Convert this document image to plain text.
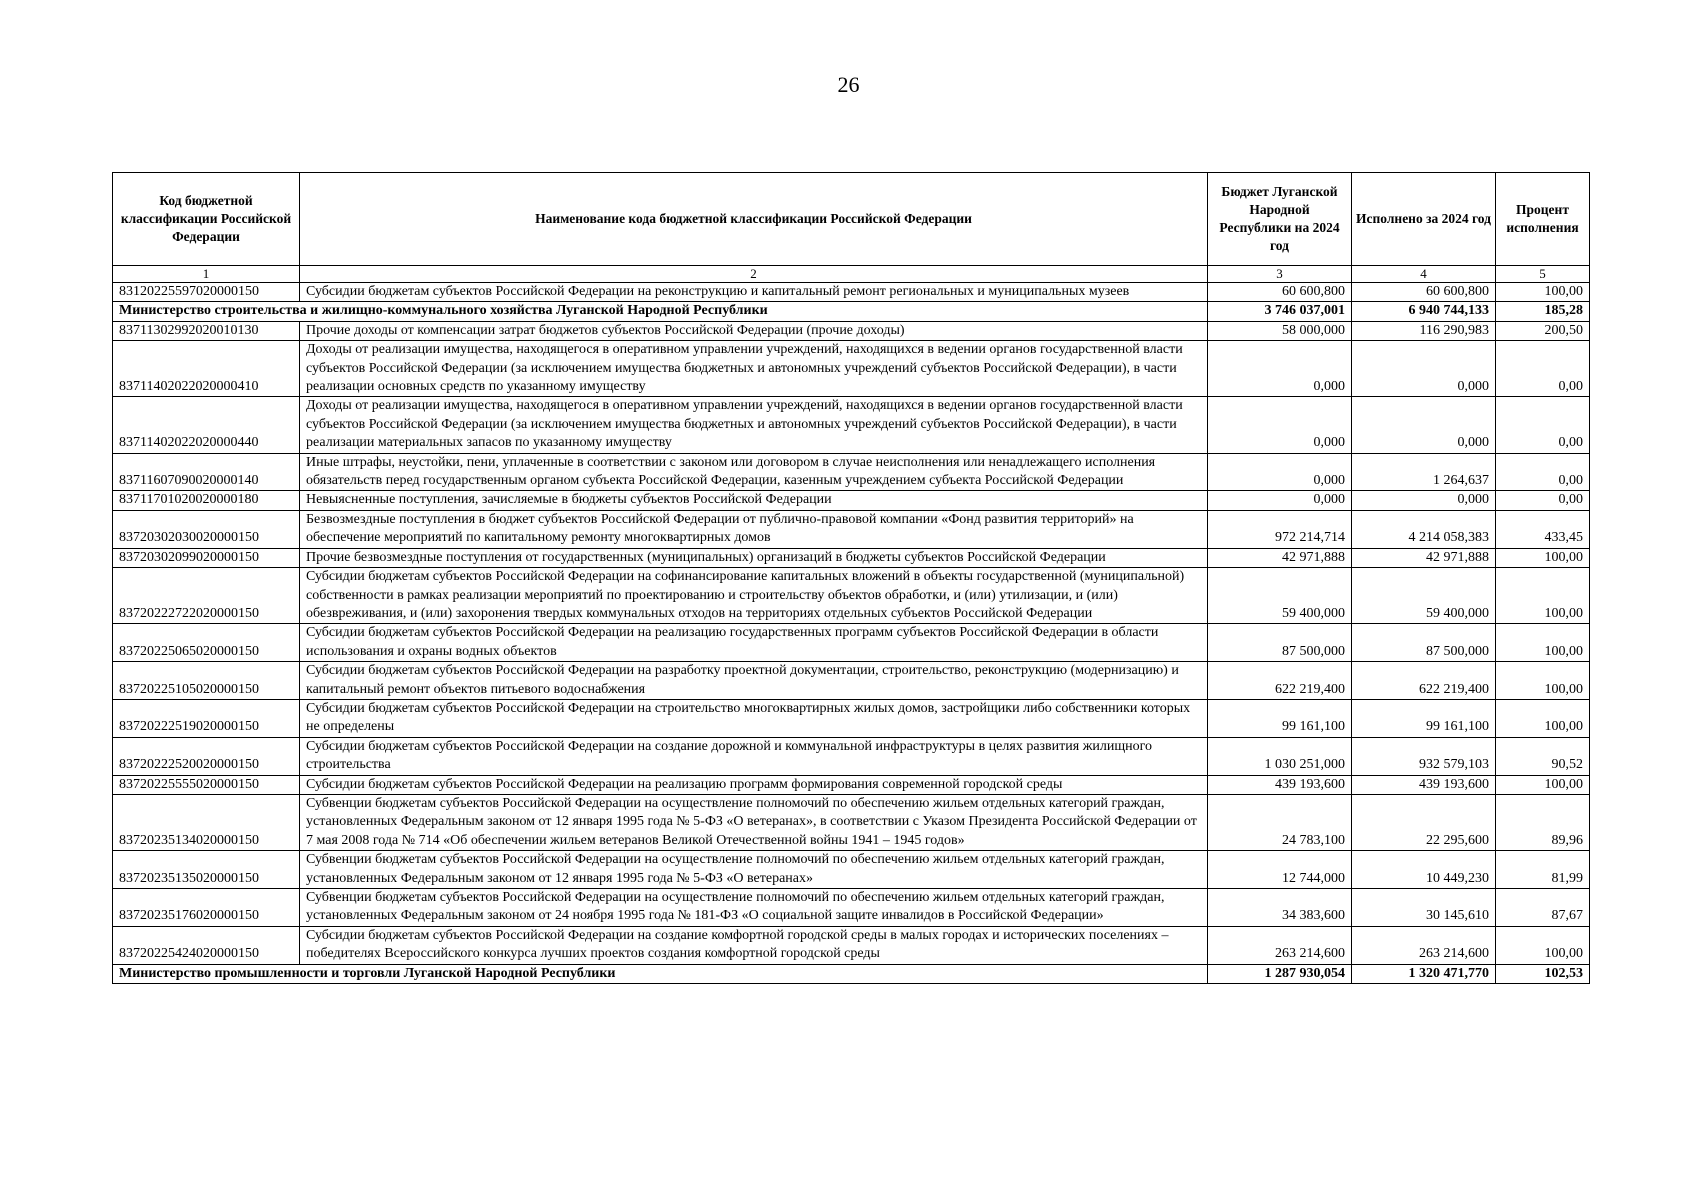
26
Код бюджетной классификации Российской Федерации	Наименование кода бюджетной классификации Российской Федерации	Бюджет Луганской Народной Республики на 2024 год	Исполнено за 2024 год	Процент исполнения
1	2	3	4	5
83120225597020000150	Субсидии бюджетам субъектов Российской Федерации на реконструкцию и капитальный ремонт региональных и муниципальных музеев	60 600,800	60 600,800	100,00
Министерство строительства и жилищно-коммунального хозяйства Луганской Народной Республики		3 746 037,001	6 940 744,133	185,28
83711302992020010130	Прочие доходы от компенсации затрат бюджетов субъектов Российской Федерации (прочие доходы)	58 000,000	116 290,983	200,50
83711402022020000410	Доходы от реализации имущества, находящегося в оперативном управлении учреждений, находящихся в ведении органов государственной власти субъектов Российской Федерации (за исключением имущества бюджетных и автономных учреждений субъектов Российской Федерации), в части реализации основных средств по указанному имуществу	0,000	0,000	0,00
83711402022020000440	Доходы от реализации имущества, находящегося в оперативном управлении учреждений, находящихся в ведении органов государственной власти субъектов Российской Федерации (за исключением имущества бюджетных и автономных учреждений субъектов Российской Федерации), в части реализации материальных запасов по указанному имуществу	0,000	0,000	0,00
83711607090020000140	Иные штрафы, неустойки, пени, уплаченные в соответствии с законом или договором в случае неисполнения или ненадлежащего исполнения обязательств перед государственным органом субъекта Российской Федерации, казенным учреждением субъекта Российской Федерации	0,000	1 264,637	0,00
83711701020020000180	Невыясненные поступления, зачисляемые в бюджеты субъектов Российской Федерации	0,000	0,000	0,00
83720302030020000150	Безвозмездные поступления в бюджет субъектов Российской Федерации от публично-правовой компании «Фонд развития территорий» на обеспечение мероприятий по капитальному ремонту многоквартирных домов	972 214,714	4 214 058,383	433,45
83720302099020000150	Прочие безвозмездные поступления от государственных (муниципальных) организаций в бюджеты субъектов Российской Федерации	42 971,888	42 971,888	100,00
83720222722020000150	Субсидии бюджетам субъектов Российской Федерации на софинансирование капитальных вложений в объекты государственной (муниципальной) собственности в рамках реализации мероприятий по проектированию и строительству объектов обработки, и (или) утилизации, и (или) обезвреживания, и (или) захоронения твердых коммунальных отходов на территориях отдельных субъектов Российской Федерации	59 400,000	59 400,000	100,00
83720225065020000150	Субсидии бюджетам субъектов Российской Федерации на реализацию государственных программ субъектов Российской Федерации в области использования и охраны водных объектов	87 500,000	87 500,000	100,00
83720225105020000150	Субсидии бюджетам субъектов Российской Федерации на разработку проектной документации, строительство, реконструкцию (модернизацию) и капитальный ремонт объектов питьевого водоснабжения	622 219,400	622 219,400	100,00
83720222519020000150	Субсидии бюджетам субъектов Российской Федерации на строительство многоквартирных жилых домов, застройщики либо собственники которых не определены	99 161,100	99 161,100	100,00
83720222520020000150	Субсидии бюджетам субъектов Российской Федерации на создание дорожной и коммунальной инфраструктуры в целях развития жилищного строительства	1 030 251,000	932 579,103	90,52
83720225555020000150	Субсидии бюджетам субъектов Российской Федерации на реализацию программ формирования современной городской среды	439 193,600	439 193,600	100,00
83720235134020000150	Субвенции бюджетам субъектов Российской Федерации на осуществление полномочий по обеспечению жильем отдельных категорий граждан, установленных Федеральным законом от 12 января 1995 года № 5-ФЗ «О ветеранах», в соответствии с Указом Президента Российской Федерации от 7 мая 2008 года № 714 «Об обеспечении жильем ветеранов Великой Отечественной войны 1941 – 1945 годов»	24 783,100	22 295,600	89,96
83720235135020000150	Субвенции бюджетам субъектов Российской Федерации на осуществление полномочий по обеспечению жильем отдельных категорий граждан, установленных Федеральным законом от 12 января 1995 года № 5-ФЗ «О ветеранах»	12 744,000	10 449,230	81,99
83720235176020000150	Субвенции бюджетам субъектов Российской Федерации на осуществление полномочий по обеспечению жильем отдельных категорий граждан, установленных Федеральным законом от 24 ноября 1995 года № 181-ФЗ «О социальной защите инвалидов в Российской Федерации»	34 383,600	30 145,610	87,67
83720225424020000150	Субсидии бюджетам субъектов Российской Федерации на создание комфортной городской среды в малых городах и исторических поселениях – победителях Всероссийского конкурса лучших проектов создания комфортной городской среды	263 214,600	263 214,600	100,00
Министерство промышленности и торговли Луганской Народной Республики		1 287 930,054	1 320 471,770	102,53
